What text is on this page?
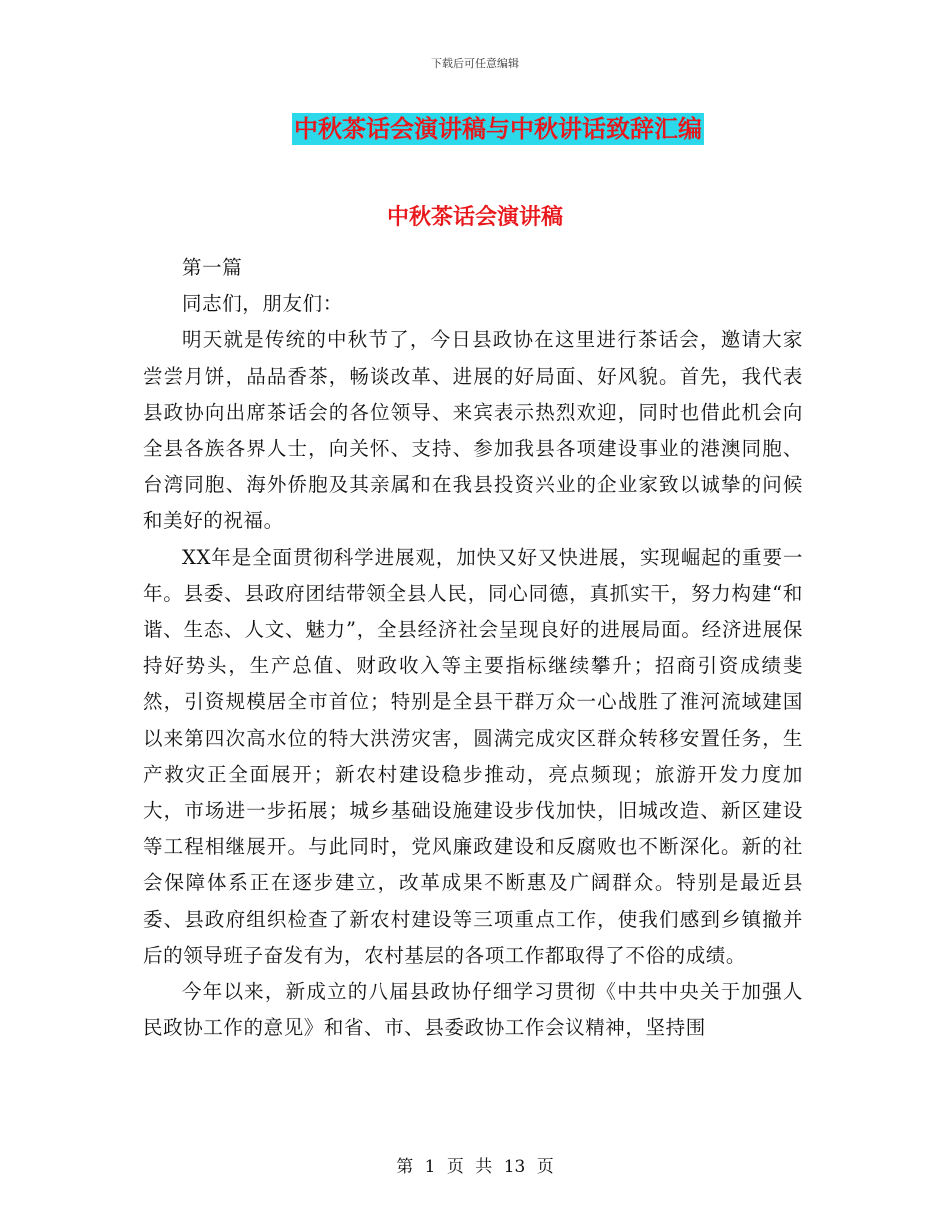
下载后可任意编辑
中秋茶话会演讲稿与中秋讲话致辞汇编
中秋茶话会演讲稿

第一篇

同志们，朋友们：

明天就是传统的中秋节了，今日县政协在这里进行茶话会，邀请大家尝尝月饼，品品香茶，畅谈改革、进展的好局面、好风貌。首先，我代表县政协向出席茶话会的各位领导、来宾表示热烈欢迎，同时也借此机会向全县各族各界人士，向关怀、支持、参加我县各项建设事业的港澳同胞、台湾同胞、海外侨胞及其亲属和在我县投资兴业的企业家致以诚挚的问候和美好的祝福。

XX年是全面贯彻科学进展观，加快又好又快进展，实现崛起的重要一年。县委、县政府团结带领全县人民，同心同德，真抓实干，努力构建“和谐、生态、人文、魅力”，全县经济社会呈现良好的进展局面。经济进展保持好势头，生产总值、财政收入等主要指标继续攀升；招商引资成绩斐然，引资规模居全市首位；特别是全县干群万众一心战胜了淮河流域建国以来第四次高水位的特大洪涝灾害，圆满完成灾区群众转移安置任务，生产救灾正全面展开；新农村建设稳步推动，亮点频现；旅游开发力度加大，市场进一步拓展；城乡基础设施建设步伐加快，旧城改造、新区建设等工程相继展开。与此同时，党风廉政建设和反腐败也不断深化。新的社会保障体系正在逐步建立，改革成果不断惠及广阔群众。特别是最近县委、县政府组织检查了新农村建设等三项重点工作，使我们感到乡镇撤并后的领导班子奋发有为，农村基层的各项工作都取得了不俗的成绩。

今年以来，新成立的八届县政协仔细学习贯彻《中共中央关于加强人民政协工作的意见》和省、市、县委政协工作会议精神，坚持围

第 1 页 共 13 页
